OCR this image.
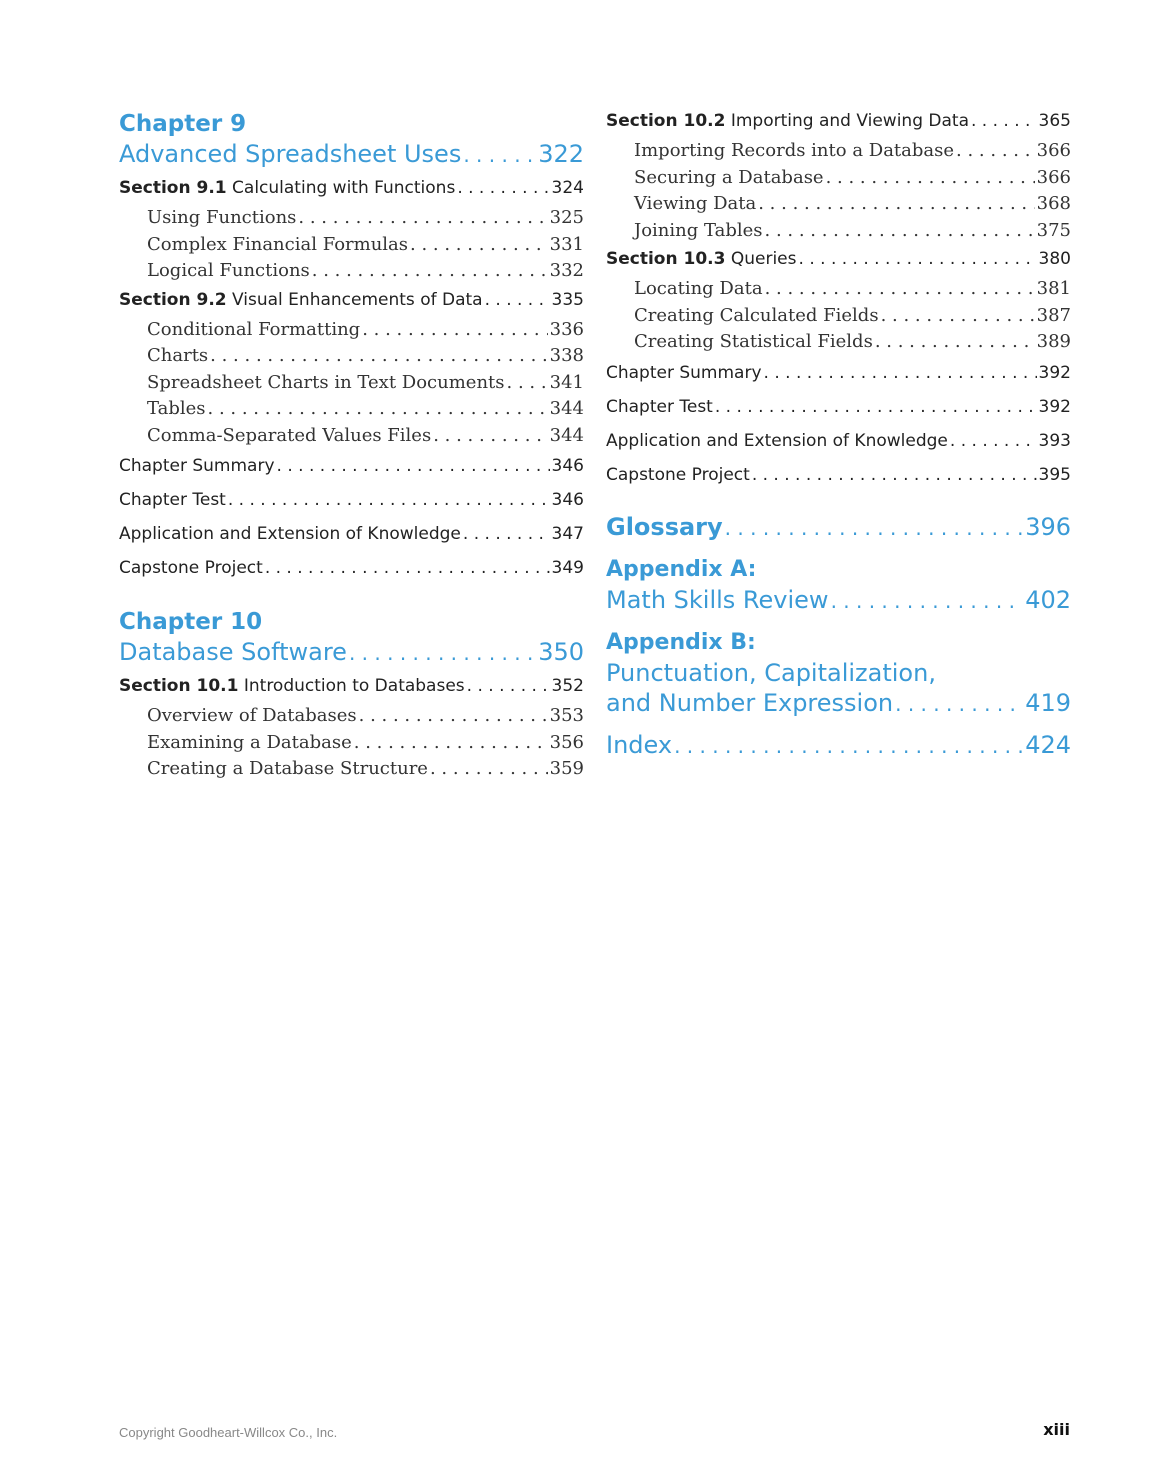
Chapter 9
Advanced Spreadsheet Uses . . .	322
Section 9.1 Calculating with Functions . . .	324
Using Functions . . .	325
Complex Financial Formulas . . .	331
Logical Functions . . .	332
Section 9.2 Visual Enhancements of Data . . .	335
Conditional Formatting . . .	336
Charts . . .	338
Spreadsheet Charts in Text Documents . . .	341
Tables . . .	344
Comma-Separated Values Files . . .	344
Chapter Summary . . .	346
Chapter Test . . .	346
Application and Extension of Knowledge . . .	347
Capstone Project . . .	349
Chapter 10
Database Software . . .	350
Section 10.1 Introduction to Databases . . .	352
Overview of Databases . . .	353
Examining a Database . . .	356
Creating a Database Structure . . .	359
Section 10.2 Importing and Viewing Data . . .	365
Importing Records into a Database . . .	366
Securing a Database . . .	366
Viewing Data . . .	368
Joining Tables . . .	375
Section 10.3 Queries . . .	380
Locating Data . . .	381
Creating Calculated Fields . . .	387
Creating Statistical Fields . . .	389
Chapter Summary . . .	392
Chapter Test . . .	392
Application and Extension of Knowledge . . .	393
Capstone Project . . .	395
Glossary . . .	396
Appendix A:
Math Skills Review . . .	402
Appendix B:
Punctuation, Capitalization,
and Number Expression . . .	419
Index . . .	424
Copyright Goodheart-Willcox Co., Inc.	xiii
